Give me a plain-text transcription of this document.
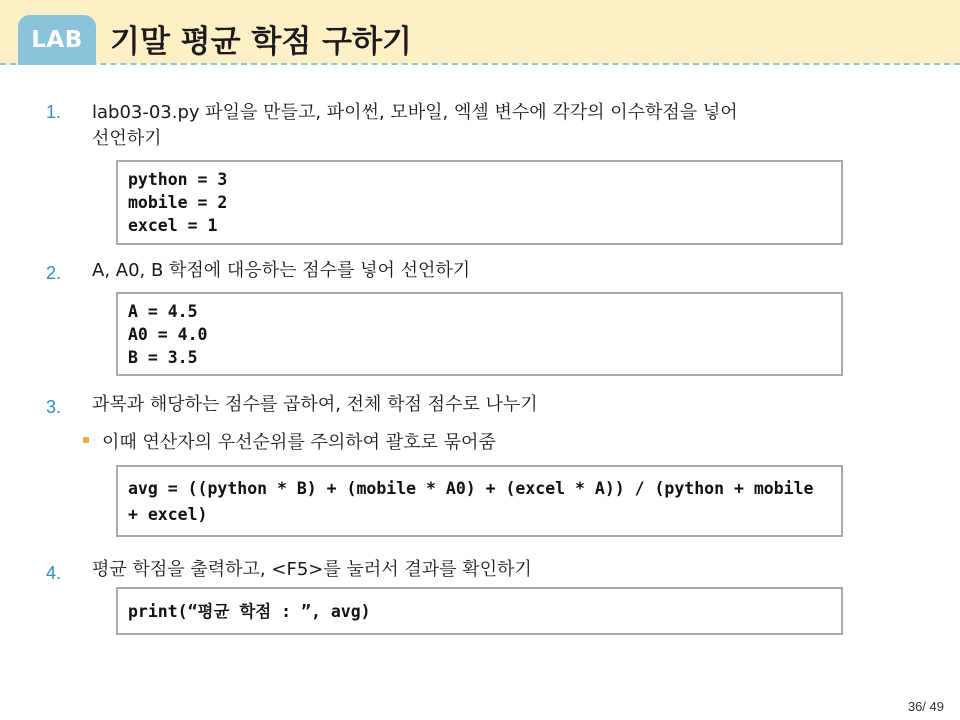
LAB 기말 평균 학점 구하기
1. lab03-03.py 파일을 만들고, 파이썬, 모바일, 엑셀 변수에 각각의 이수학점을 넣어
선언하기
python = 3
mobile = 2
excel = 1
2. A, A0, B 학점에 대응하는 점수를 넣어 선언하기
A = 4.5
A0 = 4.0
B = 3.5
3. 과목과 해당하는 점수를 곱하여, 전체 학점 점수로 나누기
이때 연산자의 우선순위를 주의하여 괄호로 묶어줌
avg = ((python * B) + (mobile * A0) + (excel * A)) / (python + mobile + excel)
4. 평균 학점을 출력하고, <F5>를 눌러서 결과를 확인하기
print(“평균 학점 : ”, avg)
36/ 49
